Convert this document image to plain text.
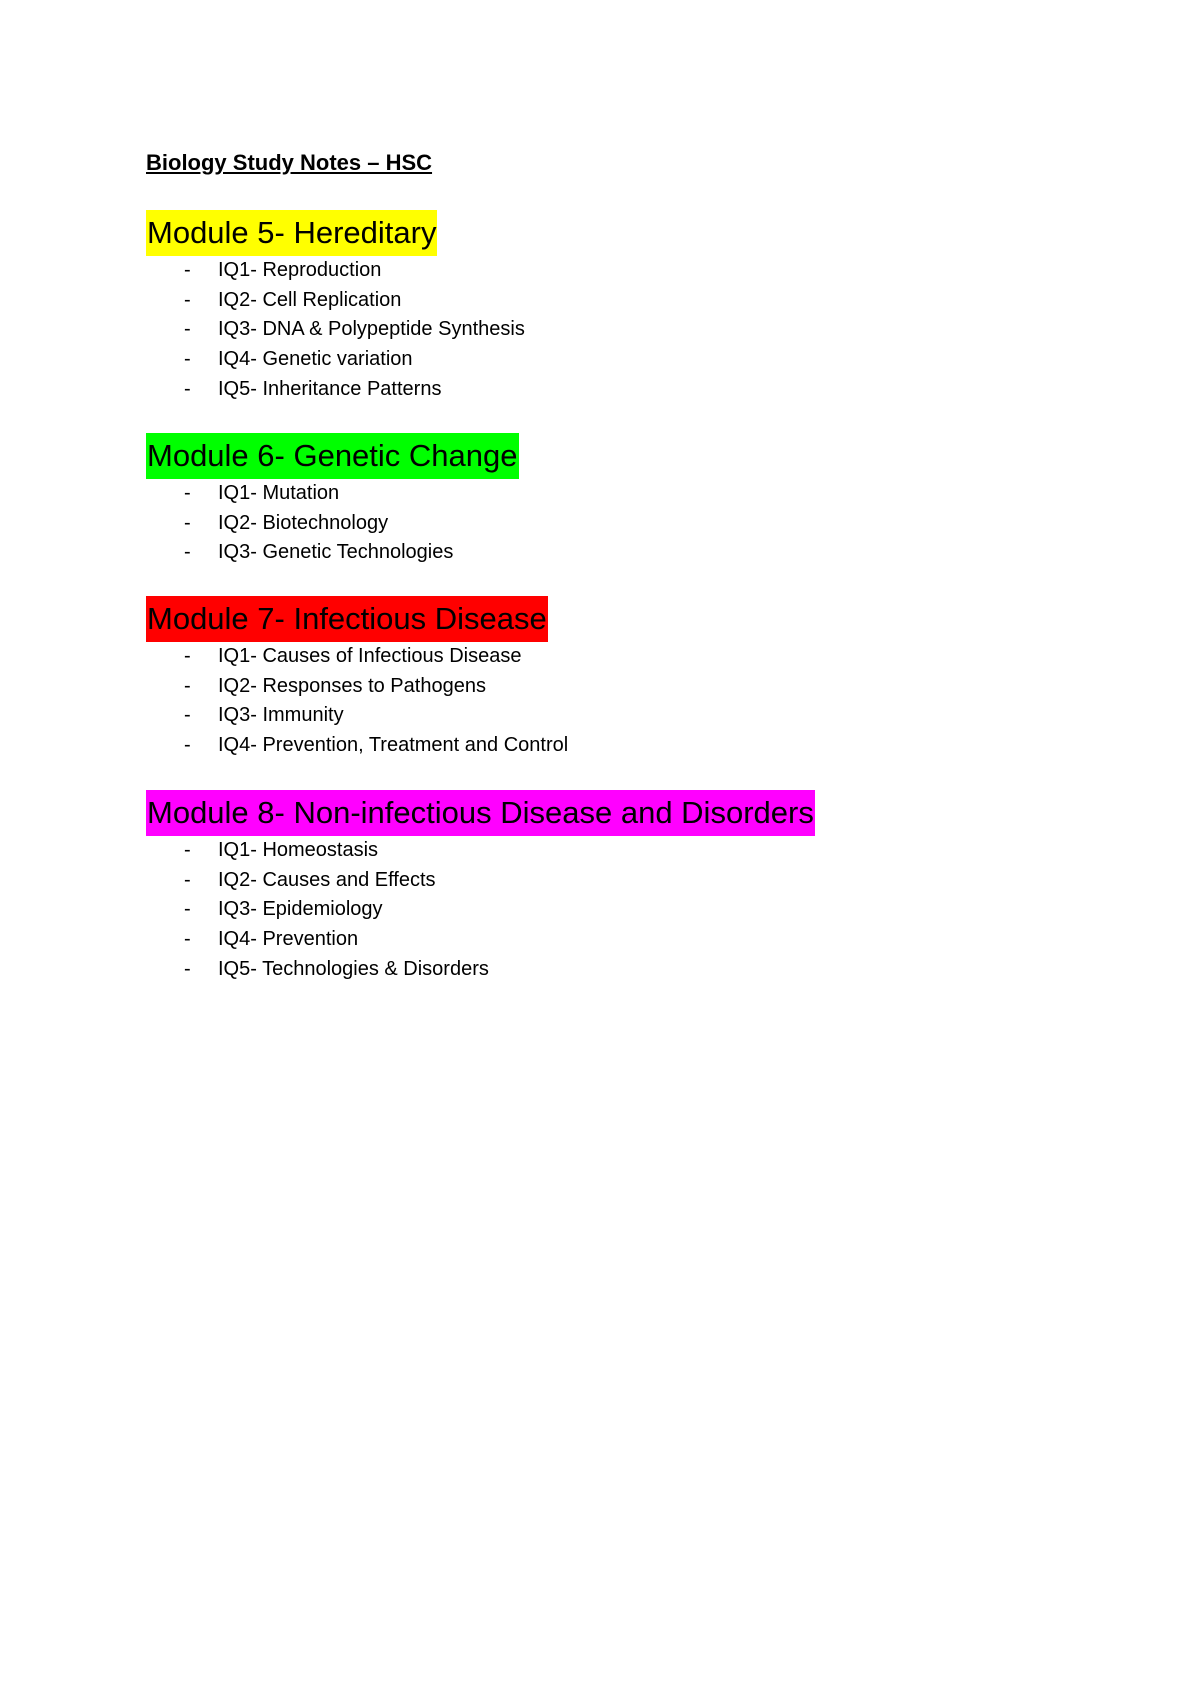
Biology Study Notes – HSC
Module 5- Hereditary
- IQ1- Reproduction
- IQ2- Cell Replication
- IQ3- DNA & Polypeptide Synthesis
- IQ4- Genetic variation
- IQ5- Inheritance Patterns
Module 6- Genetic Change
- IQ1- Mutation
- IQ2- Biotechnology
- IQ3- Genetic Technologies
Module 7- Infectious Disease
- IQ1- Causes of Infectious Disease
- IQ2- Responses to Pathogens
- IQ3- Immunity
- IQ4- Prevention, Treatment and Control
Module 8- Non-infectious Disease and Disorders
- IQ1- Homeostasis
- IQ2- Causes and Effects
- IQ3- Epidemiology
- IQ4- Prevention
- IQ5- Technologies & Disorders
